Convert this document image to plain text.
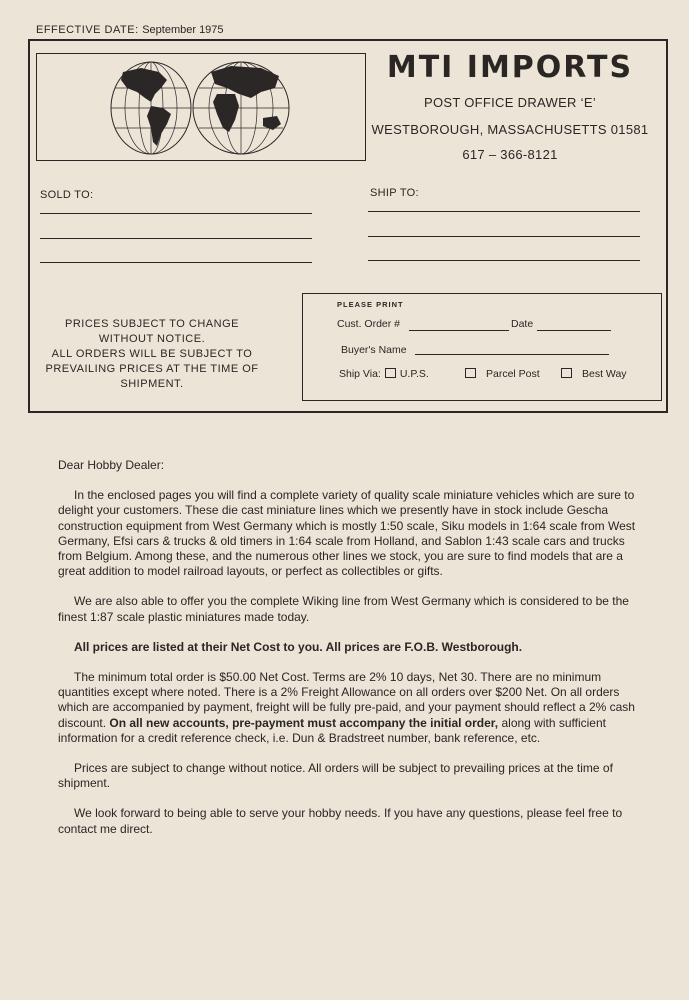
EFFECTIVE DATE: September 1975
MTI IMPORTS
POST OFFICE DRAWER ‘E’
WESTBOROUGH, MASSACHUSETTS 01581
617 – 366-8121
SOLD TO:	SHIP TO:
PRICES SUBJECT TO CHANGE WITHOUT NOTICE.
ALL ORDERS WILL BE SUBJECT TO PREVAILING PRICES AT THE TIME OF SHIPMENT.
PLEASE PRINT
Cust. Order #	Date
Buyer's Name
Ship Via: U.P.S.	Parcel Post	Best Way

Dear Hobby Dealer:

In the enclosed pages you will find a complete variety of quality scale miniature vehicles which are sure to delight your customers. These die cast miniature lines which we presently have in stock include Gescha construction equipment from West Germany which is mostly 1:50 scale, Siku models in 1:64 scale from West Germany, Efsi cars & trucks & old timers in 1:64 scale from Holland, and Sablon 1:43 scale cars and trucks from Belgium. Among these, and the numerous other lines we stock, you are sure to find models that are a great addition to model railroad layouts, or perfect as collectibles or gifts.

We are also able to offer you the complete Wiking line from West Germany which is considered to be the finest 1:87 scale plastic miniatures made today.

All prices are listed at their Net Cost to you. All prices are F.O.B. Westborough.

The minimum total order is $50.00 Net Cost. Terms are 2% 10 days, Net 30. There are no minimum quantities except where noted. There is a 2% Freight Allowance on all orders over $200 Net. On all orders which are accompanied by payment, freight will be fully pre-paid, and your payment should reflect a 2% cash discount. On all new accounts, pre-payment must accompany the initial order, along with sufficient information for a credit reference check, i.e. Dun & Bradstreet number, bank reference, etc.

Prices are subject to change without notice. All orders will be subject to prevailing prices at the time of shipment.

We look forward to being able to serve your hobby needs. If you have any questions, please feel free to contact me direct.
